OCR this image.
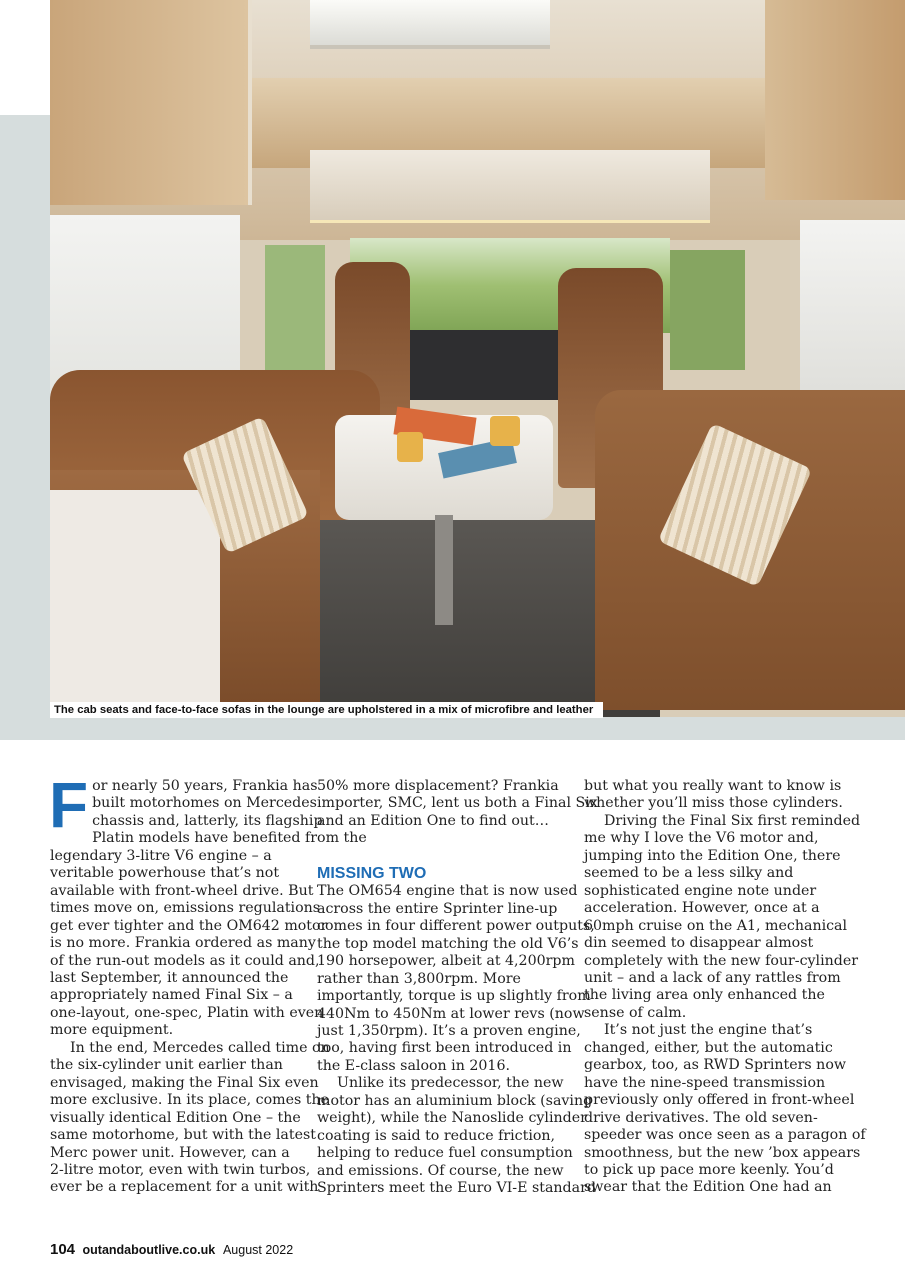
The cab seats and face-to-face sofas in the lounge are upholstered in a mix of microfibre and leather
F or nearly 50 years, Frankia has
built motorhomes on Mercedes
chassis and, latterly, its flagship
Platin models have benefited from the
legendary 3-litre V6 engine – a
veritable powerhouse that’s not
available with front-wheel drive. But
times move on, emissions regulations
get ever tighter and the OM642 motor
is no more. Frankia ordered as many
of the run-out models as it could and,
last September, it announced the
appropriately named Final Six – a
one-layout, one-spec, Platin with even
more equipment.
In the end, Mercedes called time on
the six-cylinder unit earlier than
envisaged, making the Final Six even
more exclusive. In its place, comes the
visually identical Edition One – the
same motorhome, but with the latest
Merc power unit. However, can a
2-litre motor, even with twin turbos,
ever be a replacement for a unit with
50% more displacement? Frankia
importer, SMC, lent us both a Final Six
and an Edition One to find out…
MISSING TWO
The OM654 engine that is now used
across the entire Sprinter line-up
comes in four different power outputs,
the top model matching the old V6’s
190 horsepower, albeit at 4,200rpm
rather than 3,800rpm. More
importantly, torque is up slightly from
440Nm to 450Nm at lower revs (now
just 1,350rpm). It’s a proven engine,
too, having first been introduced in
the E-class saloon in 2016.
Unlike its predecessor, the new
motor has an aluminium block (saving
weight), while the Nanoslide cylinder
coating is said to reduce friction,
helping to reduce fuel consumption
and emissions. Of course, the new
Sprinters meet the Euro VI-E standard
but what you really want to know is
whether you’ll miss those cylinders.
Driving the Final Six first reminded
me why I love the V6 motor and,
jumping into the Edition One, there
seemed to be a less silky and
sophisticated engine note under
acceleration. However, once at a
60mph cruise on the A1, mechanical
din seemed to disappear almost
completely with the new four-cylinder
unit – and a lack of any rattles from
the living area only enhanced the
sense of calm.
It’s not just the engine that’s
changed, either, but the automatic
gearbox, too, as RWD Sprinters now
have the nine-speed transmission
previously only offered in front-wheel
drive derivatives. The old seven-
speeder was once seen as a paragon of
smoothness, but the new ’box appears
to pick up pace more keenly. You’d
swear that the Edition One had an
104 outandaboutlive.co.uk August 2022
